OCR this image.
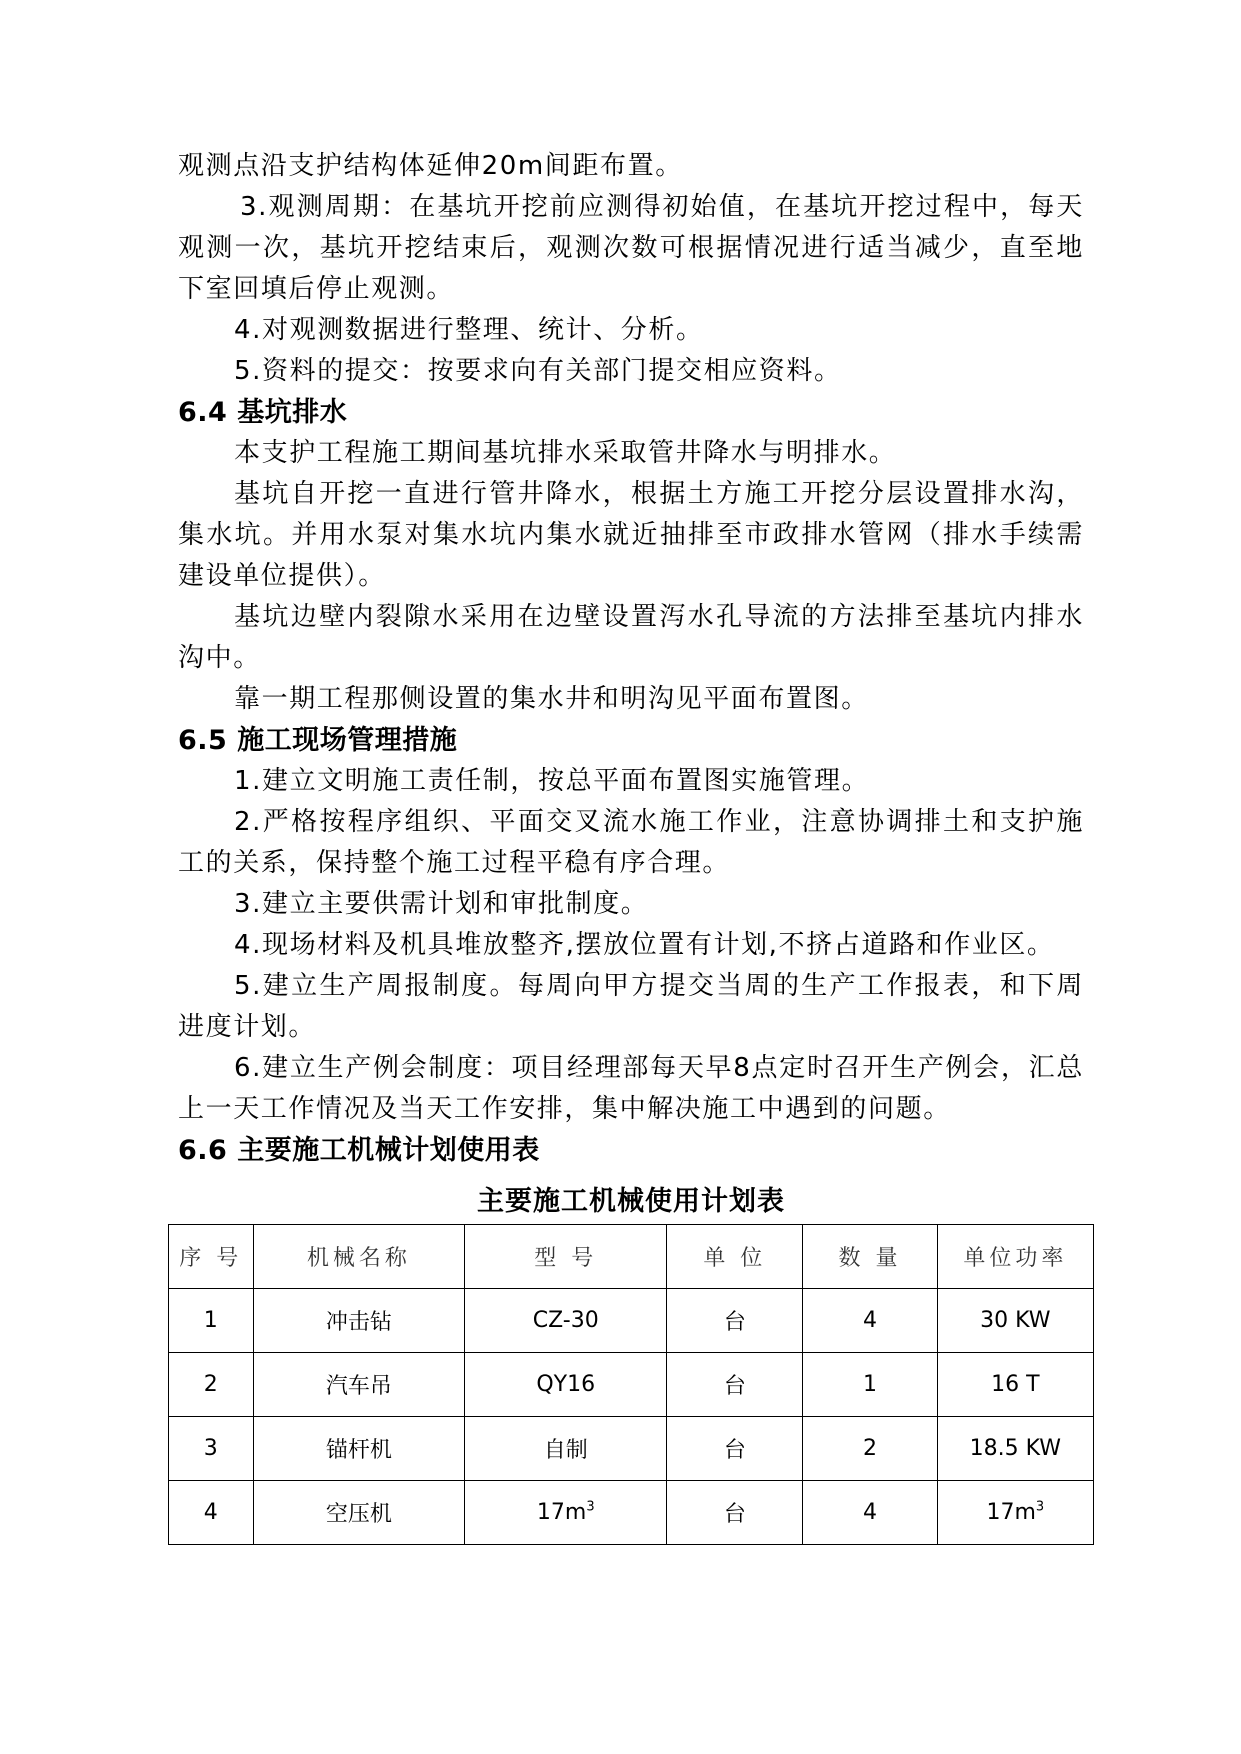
观测点沿支护结构体延伸20m间距布置。

3.观测周期：在基坑开挖前应测得初始值，在基坑开挖过程中，每天观测一次，基坑开挖结束后，观测次数可根据情况进行适当减少，直至地下室回填后停止观测。

4.对观测数据进行整理、统计、分析。

5.资料的提交：按要求向有关部门提交相应资料。

6.4 基坑排水

本支护工程施工期间基坑排水采取管井降水与明排水。

基坑自开挖一直进行管井降水，根据土方施工开挖分层设置排水沟，集水坑。并用水泵对集水坑内集水就近抽排至市政排水管网（排水手续需建设单位提供）。

基坑边壁内裂隙水采用在边壁设置泻水孔导流的方法排至基坑内排水沟中。

靠一期工程那侧设置的集水井和明沟见平面布置图。

6.5 施工现场管理措施

1.建立文明施工责任制，按总平面布置图实施管理。

2.严格按程序组织、平面交叉流水施工作业，注意协调排土和支护施工的关系，保持整个施工过程平稳有序合理。

3.建立主要供需计划和审批制度。

4.现场材料及机具堆放整齐,摆放位置有计划,不挤占道路和作业区。

5.建立生产周报制度。每周向甲方提交当周的生产工作报表，和下周进度计划。

6.建立生产例会制度：项目经理部每天早8点定时召开生产例会，汇总上一天工作情况及当天工作安排，集中解决施工中遇到的问题。

6.6 主要施工机械计划使用表

主要施工机械使用计划表

序 号	机械名称	型 号	单 位	数 量	单位功率
1	冲击钻	CZ-30	台	4	30 KW
2	汽车吊	QY16	台	1	16 T
3	锚杆机	自制	台	2	18.5 KW
4	空压机	$17m^3$	台	4	$17m^3$
